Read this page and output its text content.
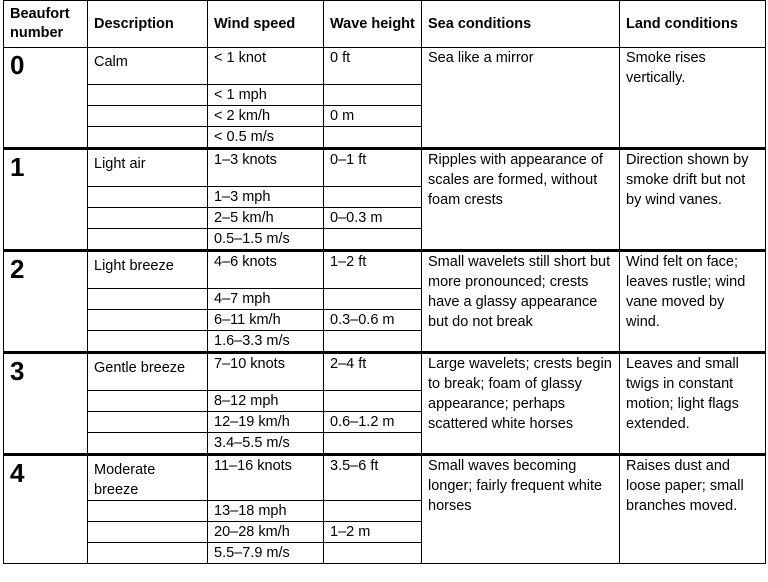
Beaufort number	Description	Wind speed	Wave height	Sea conditions	Land conditions
0	Calm	< 1 knot	0 ft	Sea like a mirror	Smoke rises vertically.
		< 1 mph			
		< 2 km/h	0 m		
		< 0.5 m/s			
1	Light air	1–3 knots	0–1 ft	Ripples with appearance of scales are formed, without foam crests	Direction shown by smoke drift but not by wind vanes.
		1–3 mph			
		2–5 km/h	0–0.3 m		
		0.5–1.5 m/s			
2	Light breeze	4–6 knots	1–2 ft	Small wavelets still short but more pronounced; crests have a glassy appearance but do not break	Wind felt on face; leaves rustle; wind vane moved by wind.
		4–7 mph			
		6–11 km/h	0.3–0.6 m		
		1.6–3.3 m/s			
3	Gentle breeze	7–10 knots	2–4 ft	Large wavelets; crests begin to break; foam of glassy appearance; perhaps scattered white horses	Leaves and small twigs in constant motion; light flags extended.
		8–12 mph			
		12–19 km/h	0.6–1.2 m		
		3.4–5.5 m/s			
4	Moderate breeze	11–16 knots	3.5–6 ft	Small waves becoming longer; fairly frequent white horses	Raises dust and loose paper; small branches moved.
		13–18 mph			
		20–28 km/h	1–2 m		
		5.5–7.9 m/s			
